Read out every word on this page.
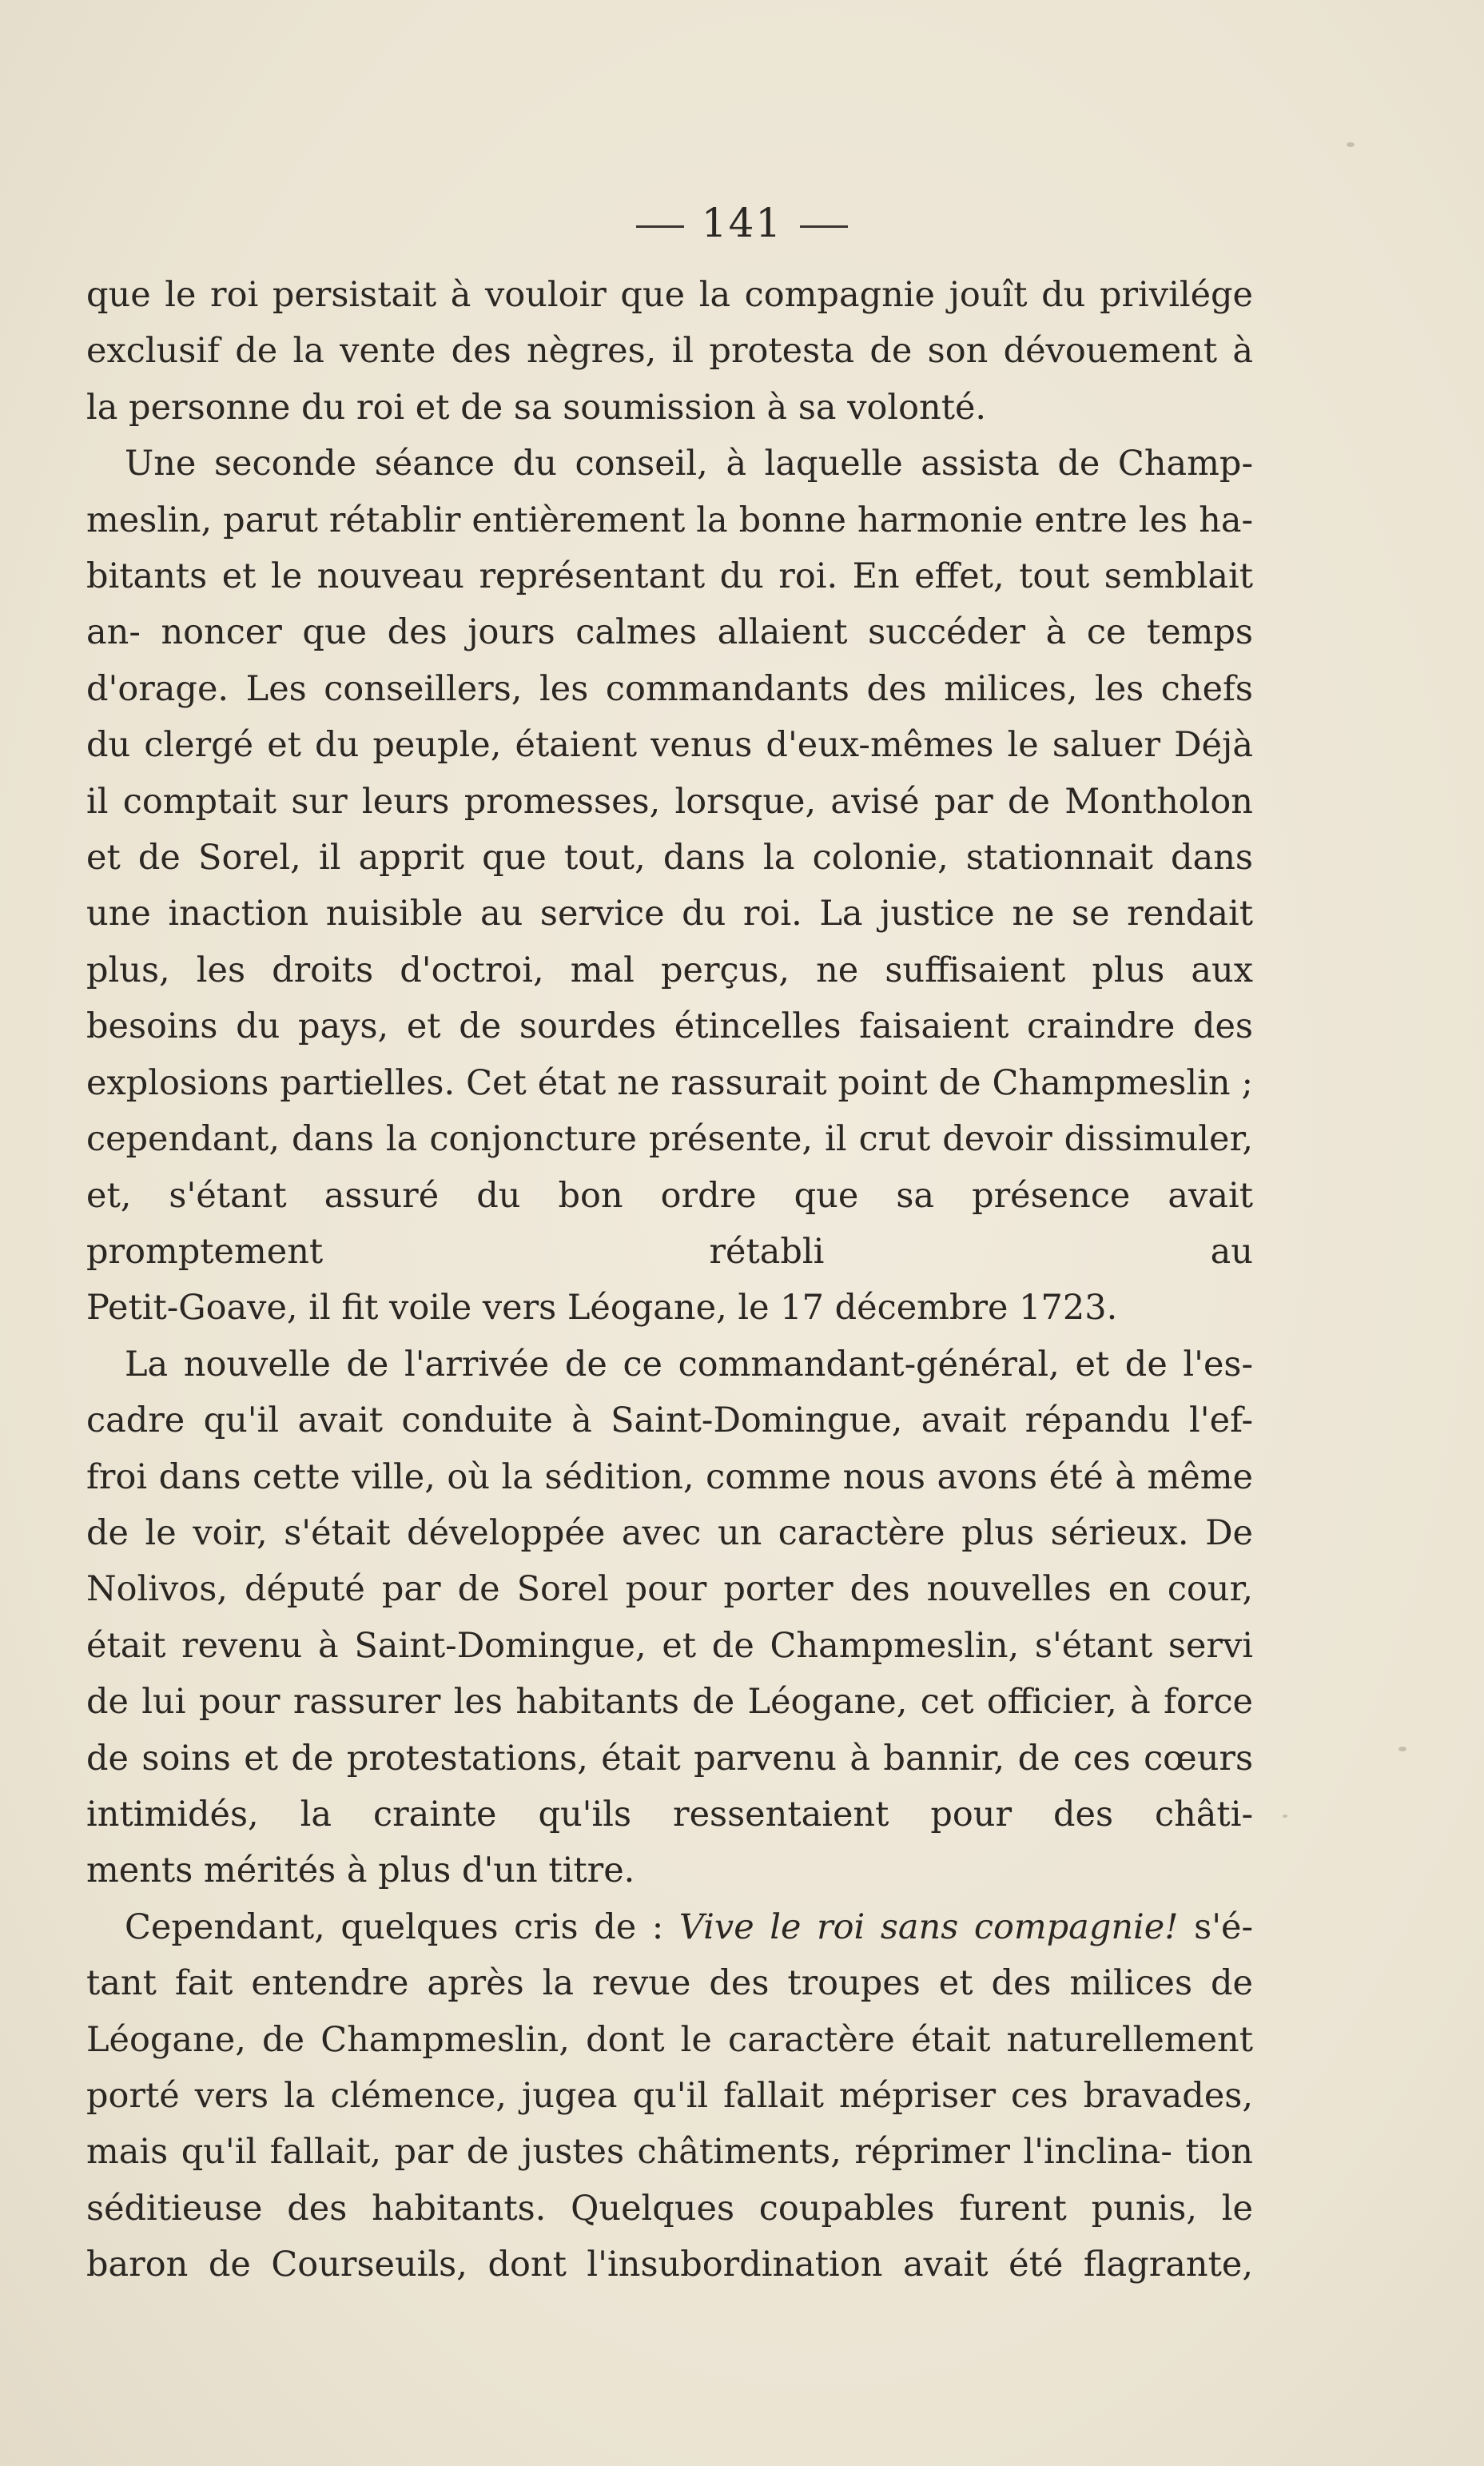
141

que le roi persistait à vouloir que la compagnie jouît du privilége exclusif de la vente des nègres, il protesta de son dévouement à

la personne du roi et de sa soumission à sa volonté.

Une seconde séance du conseil, à laquelle assista de Champ- meslin, parut rétablir entièrement la bonne harmonie entre les ha- bitants et le nouveau représentant du roi. En effet, tout semblait an- noncer que des jours calmes allaient succéder à ce temps d'orage. Les conseillers, les commandants des milices, les chefs du clergé et du peuple, étaient venus d'eux-mêmes le saluer Déjà il comptait sur leurs promesses, lorsque, avisé par de Montholon et de Sorel, il apprit que tout, dans la colonie, stationnait dans une inaction nuisible au service du roi. La justice ne se rendait plus, les droits d'octroi, mal perçus, ne suffisaient plus aux besoins du pays, et de sourdes étincelles faisaient craindre des explosions partielles. Cet état ne rassurait point de Champmeslin ; cependant, dans la conjoncture présente, il crut devoir dissimuler, et, s'étant assuré du bon ordre que sa présence avait promptement rétabli au

Petit-Goave, il fit voile vers Léogane, le 17 décembre 1723.

La nouvelle de l'arrivée de ce commandant-général, et de l'es- cadre qu'il avait conduite à Saint-Domingue, avait répandu l'ef- froi dans cette ville, où la sédition, comme nous avons été à même de le voir, s'était développée avec un caractère plus sérieux. De Nolivos, député par de Sorel pour porter des nouvelles en cour, était revenu à Saint-Domingue, et de Champmeslin, s'étant servi de lui pour rassurer les habitants de Léogane, cet officier, à force de soins et de protestations, était parvenu à bannir, de ces cœurs intimidés, la crainte qu'ils ressentaient pour des châti-

ments mérités à plus d'un titre.

Cependant, quelques cris de : Vive le roi sans compagnie! s'é- tant fait entendre après la revue des troupes et des milices de Léogane, de Champmeslin, dont le caractère était naturellement porté vers la clémence, jugea qu'il fallait mépriser ces bravades, mais qu'il fallait, par de justes châtiments, réprimer l'inclina- tion séditieuse des habitants. Quelques coupables furent punis, le baron de Courseuils, dont l'insubordination avait été flagrante,
